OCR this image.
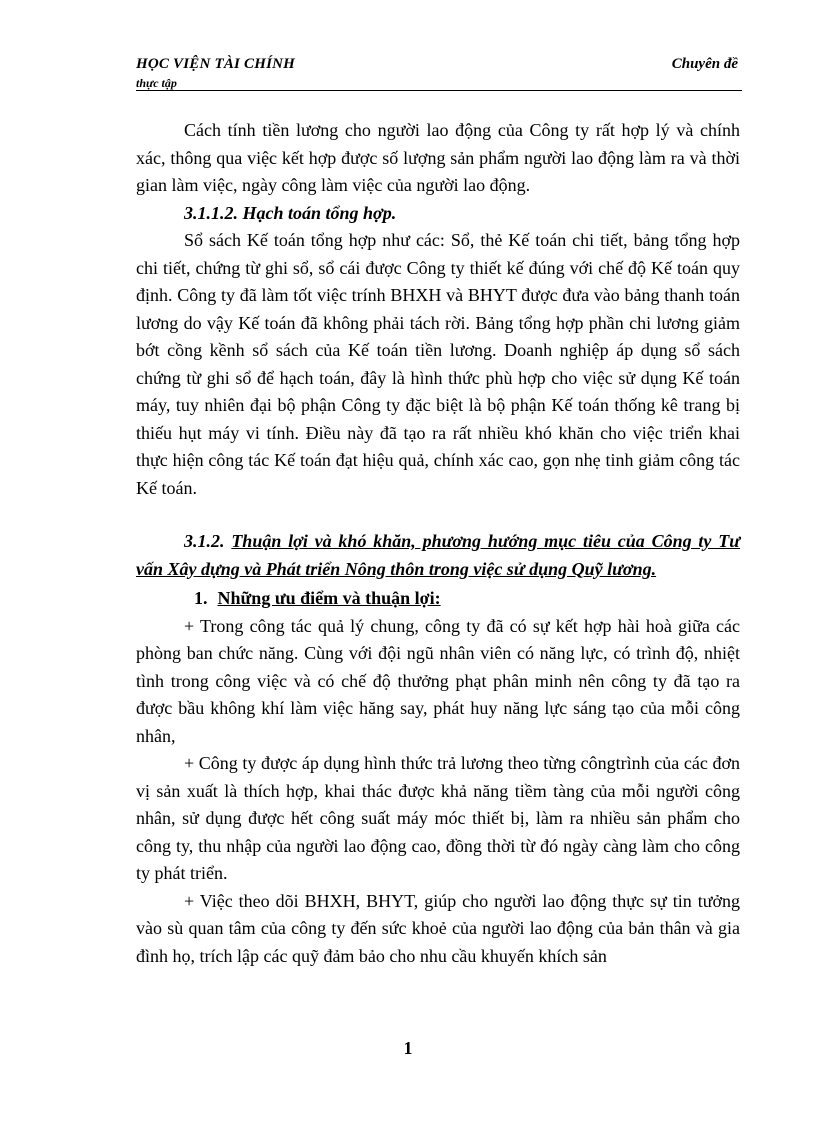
HỌC VIỆN TÀI CHÍNH	Chuyên đề
thực tập

Cách tính tiền lương cho người lao động của Công ty rất hợp lý và chính xác, thông qua việc kết hợp được số lượng sản phẩm người lao động làm ra và thời gian làm việc, ngày công làm việc của người lao động.

3.1.1.2. Hạch toán tổng hợp.

Sổ sách Kế toán tổng hợp như các: Sổ, thẻ Kế toán chi tiết, bảng tổng hợp chi tiết, chứng từ ghi sổ, sổ cái được Công ty thiết kế đúng với chế độ Kế toán quy định. Công ty đã làm tốt việc trính BHXH và BHYT được đưa vào bảng thanh toán lương do vậy Kế toán đã không phải tách rời. Bảng tổng hợp phần chi lương giảm bớt cồng kềnh sổ sách của Kế toán tiền lương. Doanh nghiệp áp dụng sổ sách chứng từ ghi sổ để hạch toán, đây là hình thức phù hợp cho việc sử dụng Kế toán máy, tuy nhiên đại bộ phận Công ty đặc biệt là bộ phận Kế toán thống kê trang bị thiếu hụt máy vi tính. Điều này đã tạo ra rất nhiều khó khăn cho việc triển khai thực hiện công tác Kế toán đạt hiệu quả, chính xác cao, gọn nhẹ tinh giảm công tác Kế toán.

3.1.2. Thuận lợi và khó khăn, phương hướng mục tiêu của Công ty Tư vấn Xây dựng và Phát triển Nông thôn trong việc sử dụng Quỹ lương.
1. Những ưu điểm và thuận lợi:

+ Trong công tác quả lý chung, công ty đã có sự kết hợp hài hoà giữa các phòng ban chức năng. Cùng với đội ngũ nhân viên có năng lực, có trình độ, nhiệt tình trong công việc và có chế độ thưởng phạt phân minh nên công ty đã tạo ra được bầu không khí làm việc hăng say, phát huy năng lực sáng tạo của mỗi công nhân,

+ Công ty được áp dụng hình thức trả lương theo từng côngtrình của các đơn vị sản xuất là thích hợp, khai thác được khả năng tiềm tàng của mỗi người công nhân, sử dụng được hết công suất máy móc thiết bị, làm ra nhiều sản phẩm cho công ty, thu nhập của người lao động cao, đồng thời từ đó ngày càng làm cho công ty phát triển.

+ Việc theo dõi BHXH, BHYT, giúp cho người lao động thực sự tin tưởng vào sù quan tâm của công ty đến sức khoẻ của người lao động của bản thân và gia đình họ, trích lập các quỹ đảm bảo cho nhu cầu khuyến khích sản

1
